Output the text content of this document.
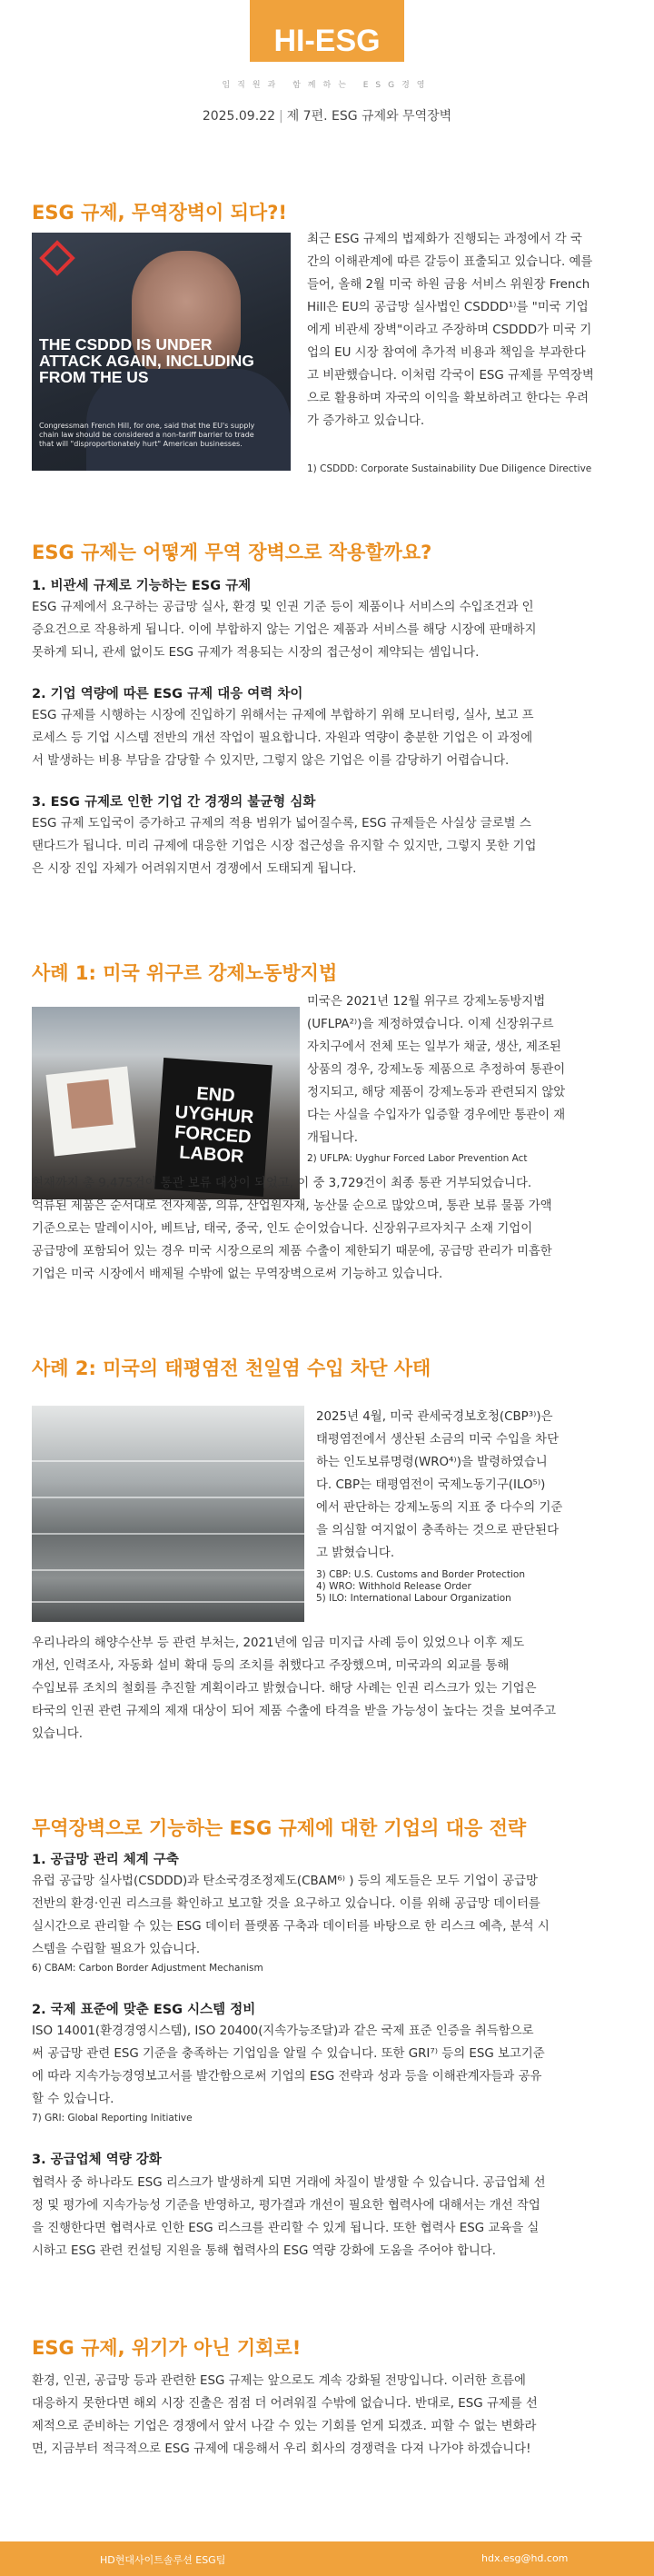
HI-ESG
임직원과 함께하는 ESG경영
2025.09.22 | 제 7편. ESG 규제와 무역장벽
ESG 규제, 무역장벽이 되다?!
THE CSDDD IS UNDER ATTACK AGAIN, INCLUDING FROM THE US
Congressman French Hill, for one, said that the EU's supply chain law should be considered a non-tariff barrier to trade that will "disproportionately hurt" American businesses.
최근 ESG 규제의 법제화가 진행되는 과정에서 각 국
간의 이해관계에 따른 갈등이 표출되고 있습니다. 예를
들어, 올해 2월 미국 하원 금융 서비스 위원장 French
Hill은 EU의 공급망 실사법인 CSDDD¹⁾를 "미국 기업
에게 비관세 장벽"이라고 주장하며 CSDDD가 미국 기
업의 EU 시장 참여에 추가적 비용과 책임을 부과한다
고 비판했습니다. 이처럼 각국이 ESG 규제를 무역장벽
으로 활용하며 자국의 이익을 확보하려고 한다는 우려
가 증가하고 있습니다.
1) CSDDD: Corporate Sustainability Due Diligence Directive
ESG 규제는 어떻게 무역 장벽으로 작용할까요?
1. 비관세 규제로 기능하는 ESG 규제
ESG 규제에서 요구하는 공급망 실사, 환경 및 인권 기준 등이 제품이나 서비스의 수입조건과 인
증요건으로 작용하게 됩니다. 이에 부합하지 않는 기업은 제품과 서비스를 해당 시장에 판매하지
못하게 되니, 관세 없이도 ESG 규제가 적용되는 시장의 접근성이 제약되는 셈입니다.
2. 기업 역량에 따른 ESG 규제 대응 여력 차이
ESG 규제를 시행하는 시장에 진입하기 위해서는 규제에 부합하기 위해 모니터링, 실사, 보고 프
로세스 등 기업 시스템 전반의 개선 작업이 필요합니다. 자원과 역량이 충분한 기업은 이 과정에
서 발생하는 비용 부담을 감당할 수 있지만, 그렇지 않은 기업은 이를 감당하기 어렵습니다.
3. ESG 규제로 인한 기업 간 경쟁의 불균형 심화
ESG 규제 도입국이 증가하고 규제의 적용 범위가 넓어질수록, ESG 규제들은 사실상 글로벌 스
탠다드가 됩니다. 미리 규제에 대응한 기업은 시장 접근성을 유지할 수 있지만, 그렇지 못한 기업
은 시장 진입 자체가 어려워지면서 경쟁에서 도태되게 됩니다.
사례 1: 미국 위구르 강제노동방지법
END UYGHUR FORCED LABOR
미국은 2021년 12월 위구르 강제노동방지법
(UFLPA²⁾)을 제정하였습니다. 이제 신장위구르
자치구에서 전체 또는 일부가 채굴, 생산, 제조된
상품의 경우, 강제노동 제품으로 추정하여 통관이
정지되고, 해당 제품이 강제노동과 관련되지 않았
다는 사실을 수입자가 입증할 경우에만 통관이 재
개됩니다.
2) UFLPA: Uyghur Forced Labor Prevention Act
현재까지 총 9,475건이 통관 보류 대상이 되었고, 이 중 3,729건이 최종 통관 거부되었습니다.
억류된 제품은 순서대로 전자제품, 의류, 산업원자재, 농산물 순으로 많았으며, 통관 보류 물품 가액
기준으로는 말레이시아, 베트남, 태국, 중국, 인도 순이었습니다. 신장위구르자치구 소재 기업이
공급망에 포함되어 있는 경우 미국 시장으로의 제품 수출이 제한되기 때문에, 공급망 관리가 미흡한
기업은 미국 시장에서 배제될 수밖에 없는 무역장벽으로써 기능하고 있습니다.
사례 2: 미국의 태평염전 천일염 수입 차단 사태
2025년 4월, 미국 관세국경보호청(CBP³⁾)은
태평염전에서 생산된 소금의 미국 수입을 차단
하는 인도보류명령(WRO⁴⁾)을 발령하였습니
다. CBP는 태평염전이 국제노동기구(ILO⁵⁾)
에서 판단하는 강제노동의 지표 중 다수의 기준
을 의심할 여지없이 충족하는 것으로 판단된다
고 밝혔습니다.
3) CBP: U.S. Customs and Border Protection
4) WRO: Withhold Release Order
5) ILO: International Labour Organization
우리나라의 해양수산부 등 관련 부처는, 2021년에 임금 미지급 사례 등이 있었으나 이후 제도
개선, 인력조사, 자동화 설비 확대 등의 조치를 취했다고 주장했으며, 미국과의 외교를 통해
수입보류 조치의 철회를 추진할 계획이라고 밝혔습니다. 해당 사례는 인권 리스크가 있는 기업은
타국의 인권 관련 규제의 제재 대상이 되어 제품 수출에 타격을 받을 가능성이 높다는 것을 보여주고
있습니다.
무역장벽으로 기능하는 ESG 규제에 대한 기업의 대응 전략
1. 공급망 관리 체계 구축
유럽 공급망 실사법(CSDDD)과 탄소국경조정제도(CBAM⁶⁾ ) 등의 제도들은 모두 기업이 공급망
전반의 환경·인권 리스크를 확인하고 보고할 것을 요구하고 있습니다. 이를 위해 공급망 데이터를
실시간으로 관리할 수 있는 ESG 데이터 플랫폼 구축과 데이터를 바탕으로 한 리스크 예측, 분석 시
스템을 수립할 필요가 있습니다.
6) CBAM: Carbon Border Adjustment Mechanism
2. 국제 표준에 맞춘 ESG 시스템 정비
ISO 14001(환경경영시스템), ISO 20400(지속가능조달)과 같은 국제 표준 인증을 취득함으로
써 공급망 관련 ESG 기준을 충족하는 기업임을 알릴 수 있습니다. 또한 GRI⁷⁾ 등의 ESG 보고기준
에 따라 지속가능경영보고서를 발간함으로써 기업의 ESG 전략과 성과 등을 이해관계자들과 공유
할 수 있습니다.
7) GRI: Global Reporting Initiative
3. 공급업체 역량 강화
협력사 중 하나라도 ESG 리스크가 발생하게 되면 거래에 차질이 발생할 수 있습니다. 공급업체 선
정 및 평가에 지속가능성 기준을 반영하고, 평가결과 개선이 필요한 협력사에 대해서는 개선 작업
을 진행한다면 협력사로 인한 ESG 리스크를 관리할 수 있게 됩니다. 또한 협력사 ESG 교육을 실
시하고 ESG 관련 컨설팅 지원을 통해 협력사의 ESG 역량 강화에 도움을 주어야 합니다.
ESG 규제, 위기가 아닌 기회로!
환경, 인권, 공급망 등과 관련한 ESG 규제는 앞으로도 계속 강화될 전망입니다. 이러한 흐름에
대응하지 못한다면 해외 시장 진출은 점점 더 어려워질 수밖에 없습니다. 반대로, ESG 규제를 선
제적으로 준비하는 기업은 경쟁에서 앞서 나갈 수 있는 기회를 얻게 되겠죠. 피할 수 없는 변화라
면, 지금부터 적극적으로 ESG 규제에 대응해서 우리 회사의 경쟁력을 다져 나가야 하겠습니다!
HD현대사이트솔루션 ESG팀	hdx.esg@hd.com
